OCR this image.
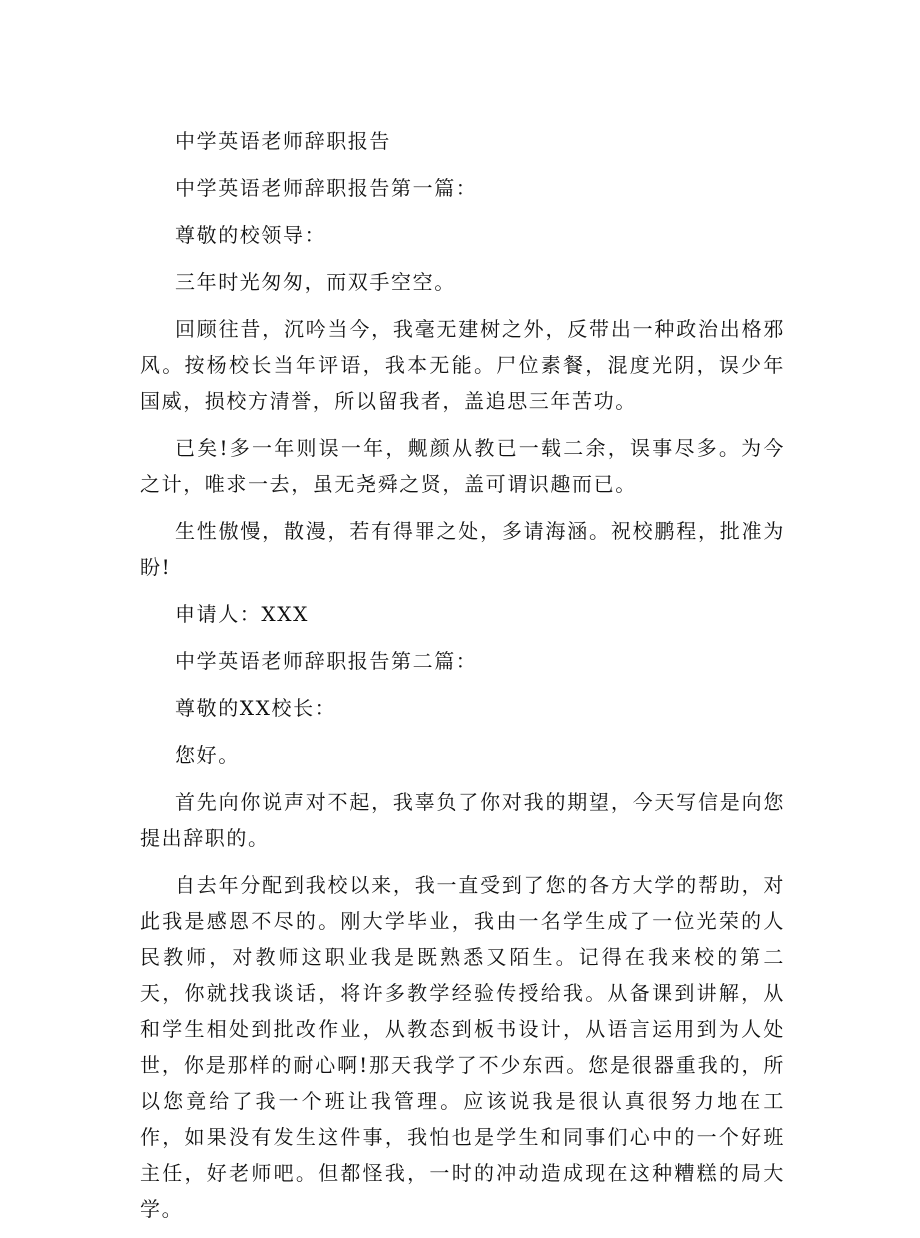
中学英语老师辞职报告

中学英语老师辞职报告第一篇：

尊敬的校领导：

三年时光匆匆，而双手空空。

回顾往昔，沉吟当今，我毫无建树之外，反带出一种政治出格邪风。按杨校长当年评语，我本无能。尸位素餐，混度光阴，误少年国威，损校方清誉，所以留我者，盖追思三年苦功。

已矣!多一年则误一年，觍颜从教已一载二余，误事尽多。为今之计，唯求一去，虽无尧舜之贤，盖可谓识趣而已。

生性傲慢，散漫，若有得罪之处，多请海涵。祝校鹏程，批准为盼!

申请人：XXX

中学英语老师辞职报告第二篇：

尊敬的XX校长：

您好。

首先向你说声对不起，我辜负了你对我的期望，今天写信是向您提出辞职的。

自去年分配到我校以来，我一直受到了您的各方大学的帮助，对此我是感恩不尽的。刚大学毕业，我由一名学生成了一位光荣的人民教师，对教师这职业我是既熟悉又陌生。记得在我来校的第二天，你就找我谈话，将许多教学经验传授给我。从备课到讲解，从和学生相处到批改作业，从教态到板书设计，从语言运用到为人处世，你是那样的耐心啊!那天我学了不少东西。您是很器重我的，所以您竟给了我一个班让我管理。应该说我是很认真很努力地在工作，如果没有发生这件事，我怕也是学生和同事们心中的一个好班主任，好老师吧。但都怪我，一时的冲动造成现在这种糟糕的局大学。
